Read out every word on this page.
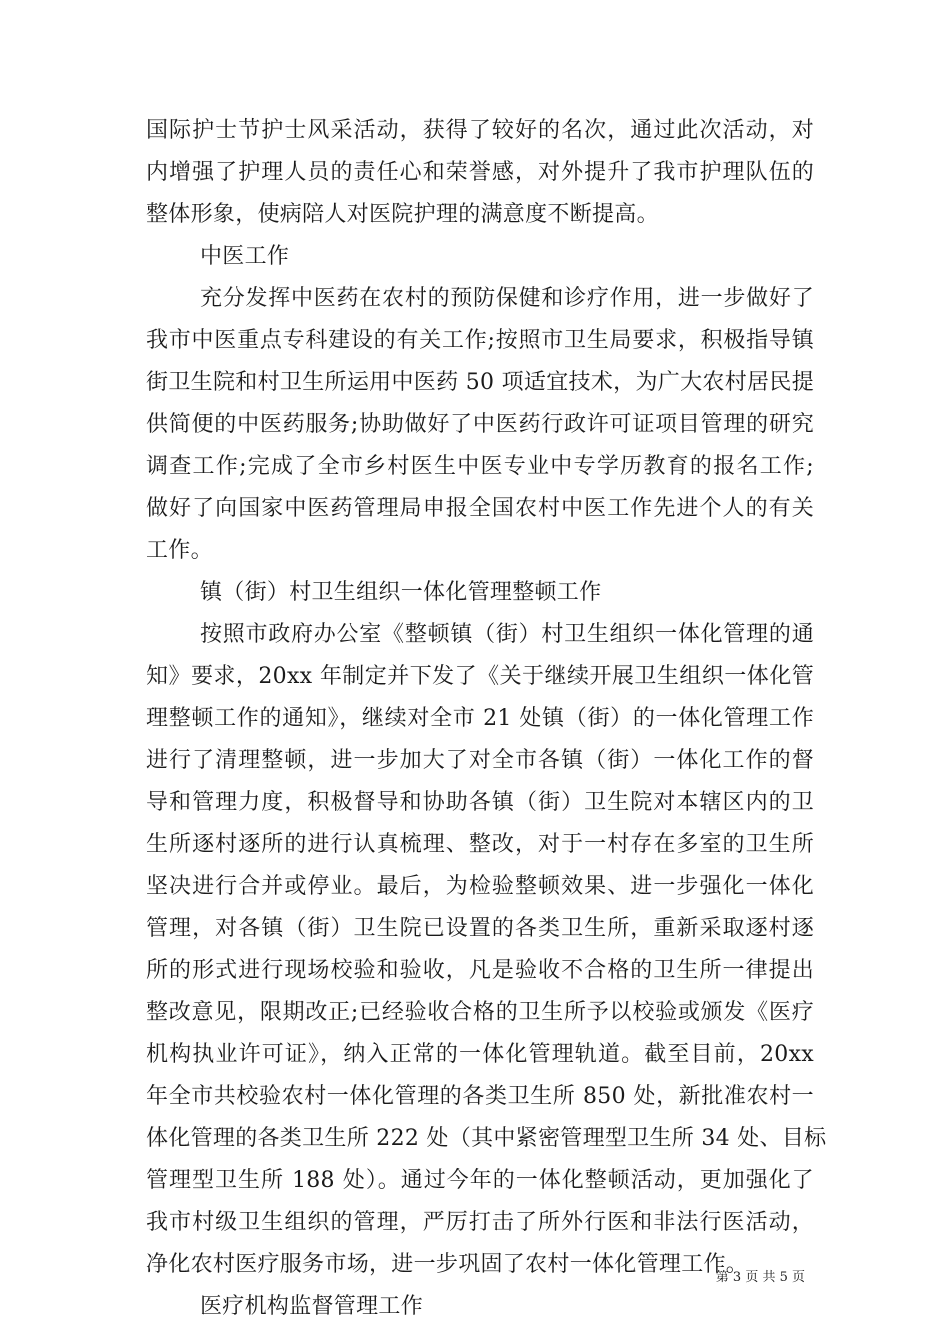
国际护士节护士风采活动，获得了较好的名次，通过此次活动，对
内增强了护理人员的责任心和荣誉感，对外提升了我市护理队伍的
整体形象，使病陪人对医院护理的满意度不断提高。
中医工作
充分发挥中医药在农村的预防保健和诊疗作用，进一步做好了
我市中医重点专科建设的有关工作;按照市卫生局要求，积极指导镇
街卫生院和村卫生所运用中医药 50 项适宜技术，为广大农村居民提
供简便的中医药服务;协助做好了中医药行政许可证项目管理的研究
调查工作;完成了全市乡村医生中医专业中专学历教育的报名工作;
做好了向国家中医药管理局申报全国农村中医工作先进个人的有关
工作。
镇（街）村卫生组织一体化管理整顿工作
按照市政府办公室《整顿镇（街）村卫生组织一体化管理的通
知》要求，20xx 年制定并下发了《关于继续开展卫生组织一体化管
理整顿工作的通知》，继续对全市 21 处镇（街）的一体化管理工作
进行了清理整顿，进一步加大了对全市各镇（街）一体化工作的督
导和管理力度，积极督导和协助各镇（街）卫生院对本辖区内的卫
生所逐村逐所的进行认真梳理、整改，对于一村存在多室的卫生所
坚决进行合并或停业。最后，为检验整顿效果、进一步强化一体化
管理，对各镇（街）卫生院已设置的各类卫生所，重新采取逐村逐
所的形式进行现场校验和验收，凡是验收不合格的卫生所一律提出
整改意见，限期改正;已经验收合格的卫生所予以校验或颁发《医疗
机构执业许可证》，纳入正常的一体化管理轨道。截至目前，20xx
年全市共校验农村一体化管理的各类卫生所 850 处，新批准农村一
体化管理的各类卫生所 222 处（其中紧密管理型卫生所 34 处、目标
管理型卫生所 188 处）。通过今年的一体化整顿活动，更加强化了
我市村级卫生组织的管理，严厉打击了所外行医和非法行医活动，
净化农村医疗服务市场，进一步巩固了农村一体化管理工作。
医疗机构监督管理工作
第 3 页 共 5 页
